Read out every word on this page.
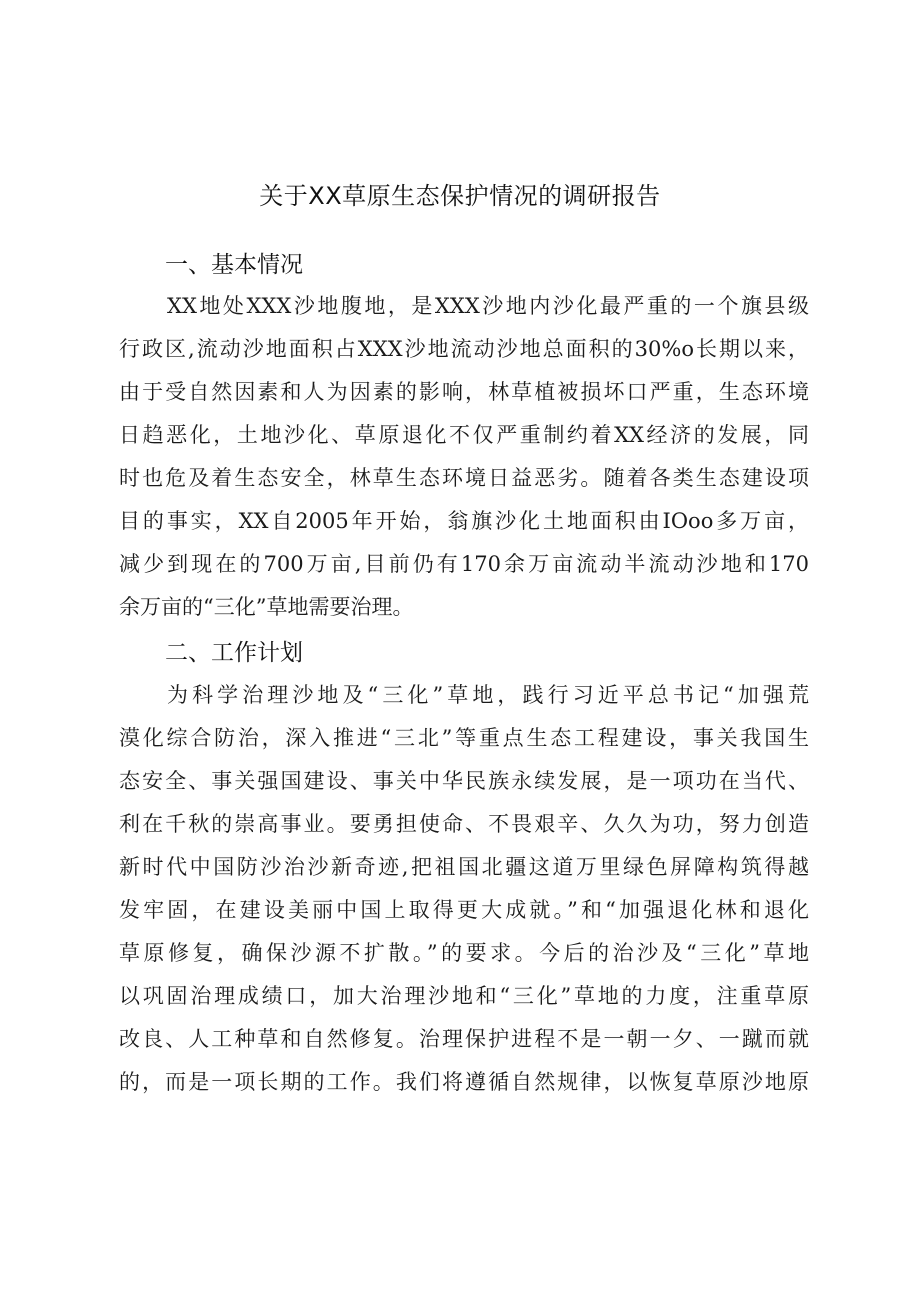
关于XX草原生态保护情况的调研报告
一、基本情况
XX地处XXX沙地腹地，是XXX沙地内沙化最严重的一个旗县级
行政区,流动沙地面积占XXX沙地流动沙地总面积的30%o长期以来，
由于受自然因素和人为因素的影响，林草植被损坏口严重，生态环境
日趋恶化，土地沙化、草原退化不仅严重制约着XX经济的发展，同
时也危及着生态安全，林草生态环境日益恶劣。随着各类生态建设项
目的事实，XX自2005年开始，翁旗沙化土地面积由IOoo多万亩，
减少到现在的700万亩,目前仍有170余万亩流动半流动沙地和170
余万亩的“三化”草地需要治理。
二、工作计划
为科学治理沙地及“三化”草地，践行习近平总书记“加强荒
漠化综合防治，深入推进“三北”等重点生态工程建设，事关我国生
态安全、事关强国建设、事关中华民族永续发展，是一项功在当代、
利在千秋的崇高事业。要勇担使命、不畏艰辛、久久为功，努力创造
新时代中国防沙治沙新奇迹,把祖国北疆这道万里绿色屏障构筑得越
发牢固，在建设美丽中国上取得更大成就。”和“加强退化林和退化
草原修复，确保沙源不扩散。”的要求。今后的治沙及“三化”草地
以巩固治理成绩口，加大治理沙地和“三化”草地的力度，注重草原
改良、人工种草和自然修复。治理保护进程不是一朝一夕、一蹴而就
的，而是一项长期的工作。我们将遵循自然规律，以恢复草原沙地原
